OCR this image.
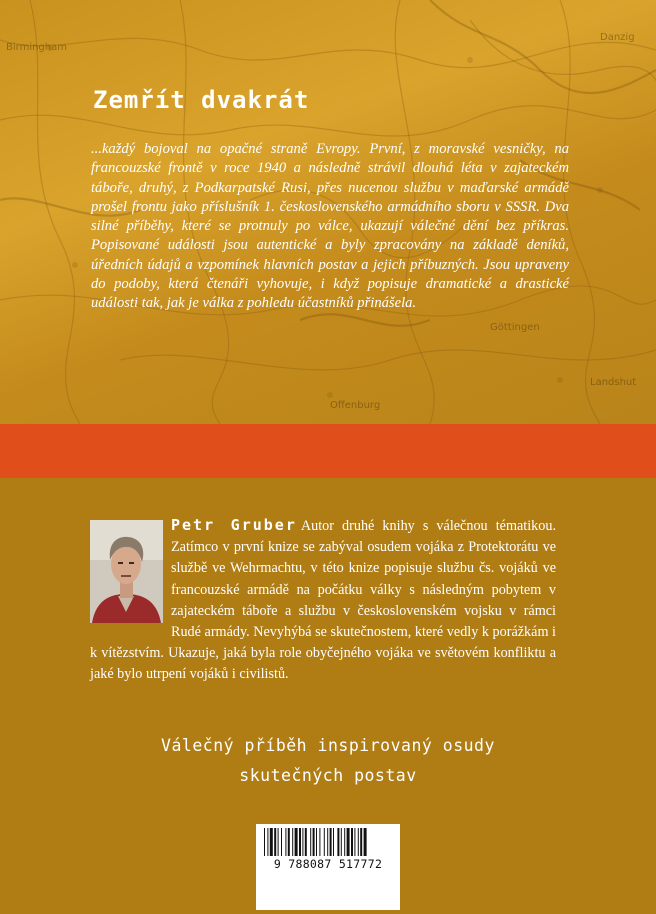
Birmingham
Offenburg
Landshut
Göttingen
Danzig
Zemřít dvakrát

...každý bojoval na opačné straně Evropy. První, z moravské vesničky, na francouzské frontě v roce 1940 a následně strávil dlouhá léta v zajateckém táboře, druhý, z Podkarpatské Rusi, přes nucenou službu v maďarské armádě prošel frontu jako příslušník 1. československého armádního sboru v SSSR. Dva silné příběhy, které se protnuly po válce, ukazují válečné dění bez příkras. Popisované události jsou autentické a byly zpracovány na základě deníků, úředních údajů a vzpomínek hlavních postav a jejich příbuzných. Jsou upraveny do podoby, která čtenáři vyhovuje, i když popisuje dramatické a drastické události tak, jak je válka z pohledu účastníků přinášela.

Petr Gruber Autor druhé knihy s válečnou tématikou. Zatímco v první knize se zabýval osudem vojáka z Protektorátu ve službě ve Wehrmachtu, v této knize popisuje službu čs. vojáků ve francouzské armádě na počátku války s následným pobytem v zajateckém táboře a službu v československém vojsku v rámci Rudé armády. Nevyhýbá se skutečnostem, které vedly k porážkám i k vítězstvím. Ukazuje, jaká byla role obyčejného vojáka ve světovém konfliktu a jaké bylo utrpení vojáků i civilistů.

Válečný příběh inspirovaný osudy
skutečných postav
9 788087 517772
